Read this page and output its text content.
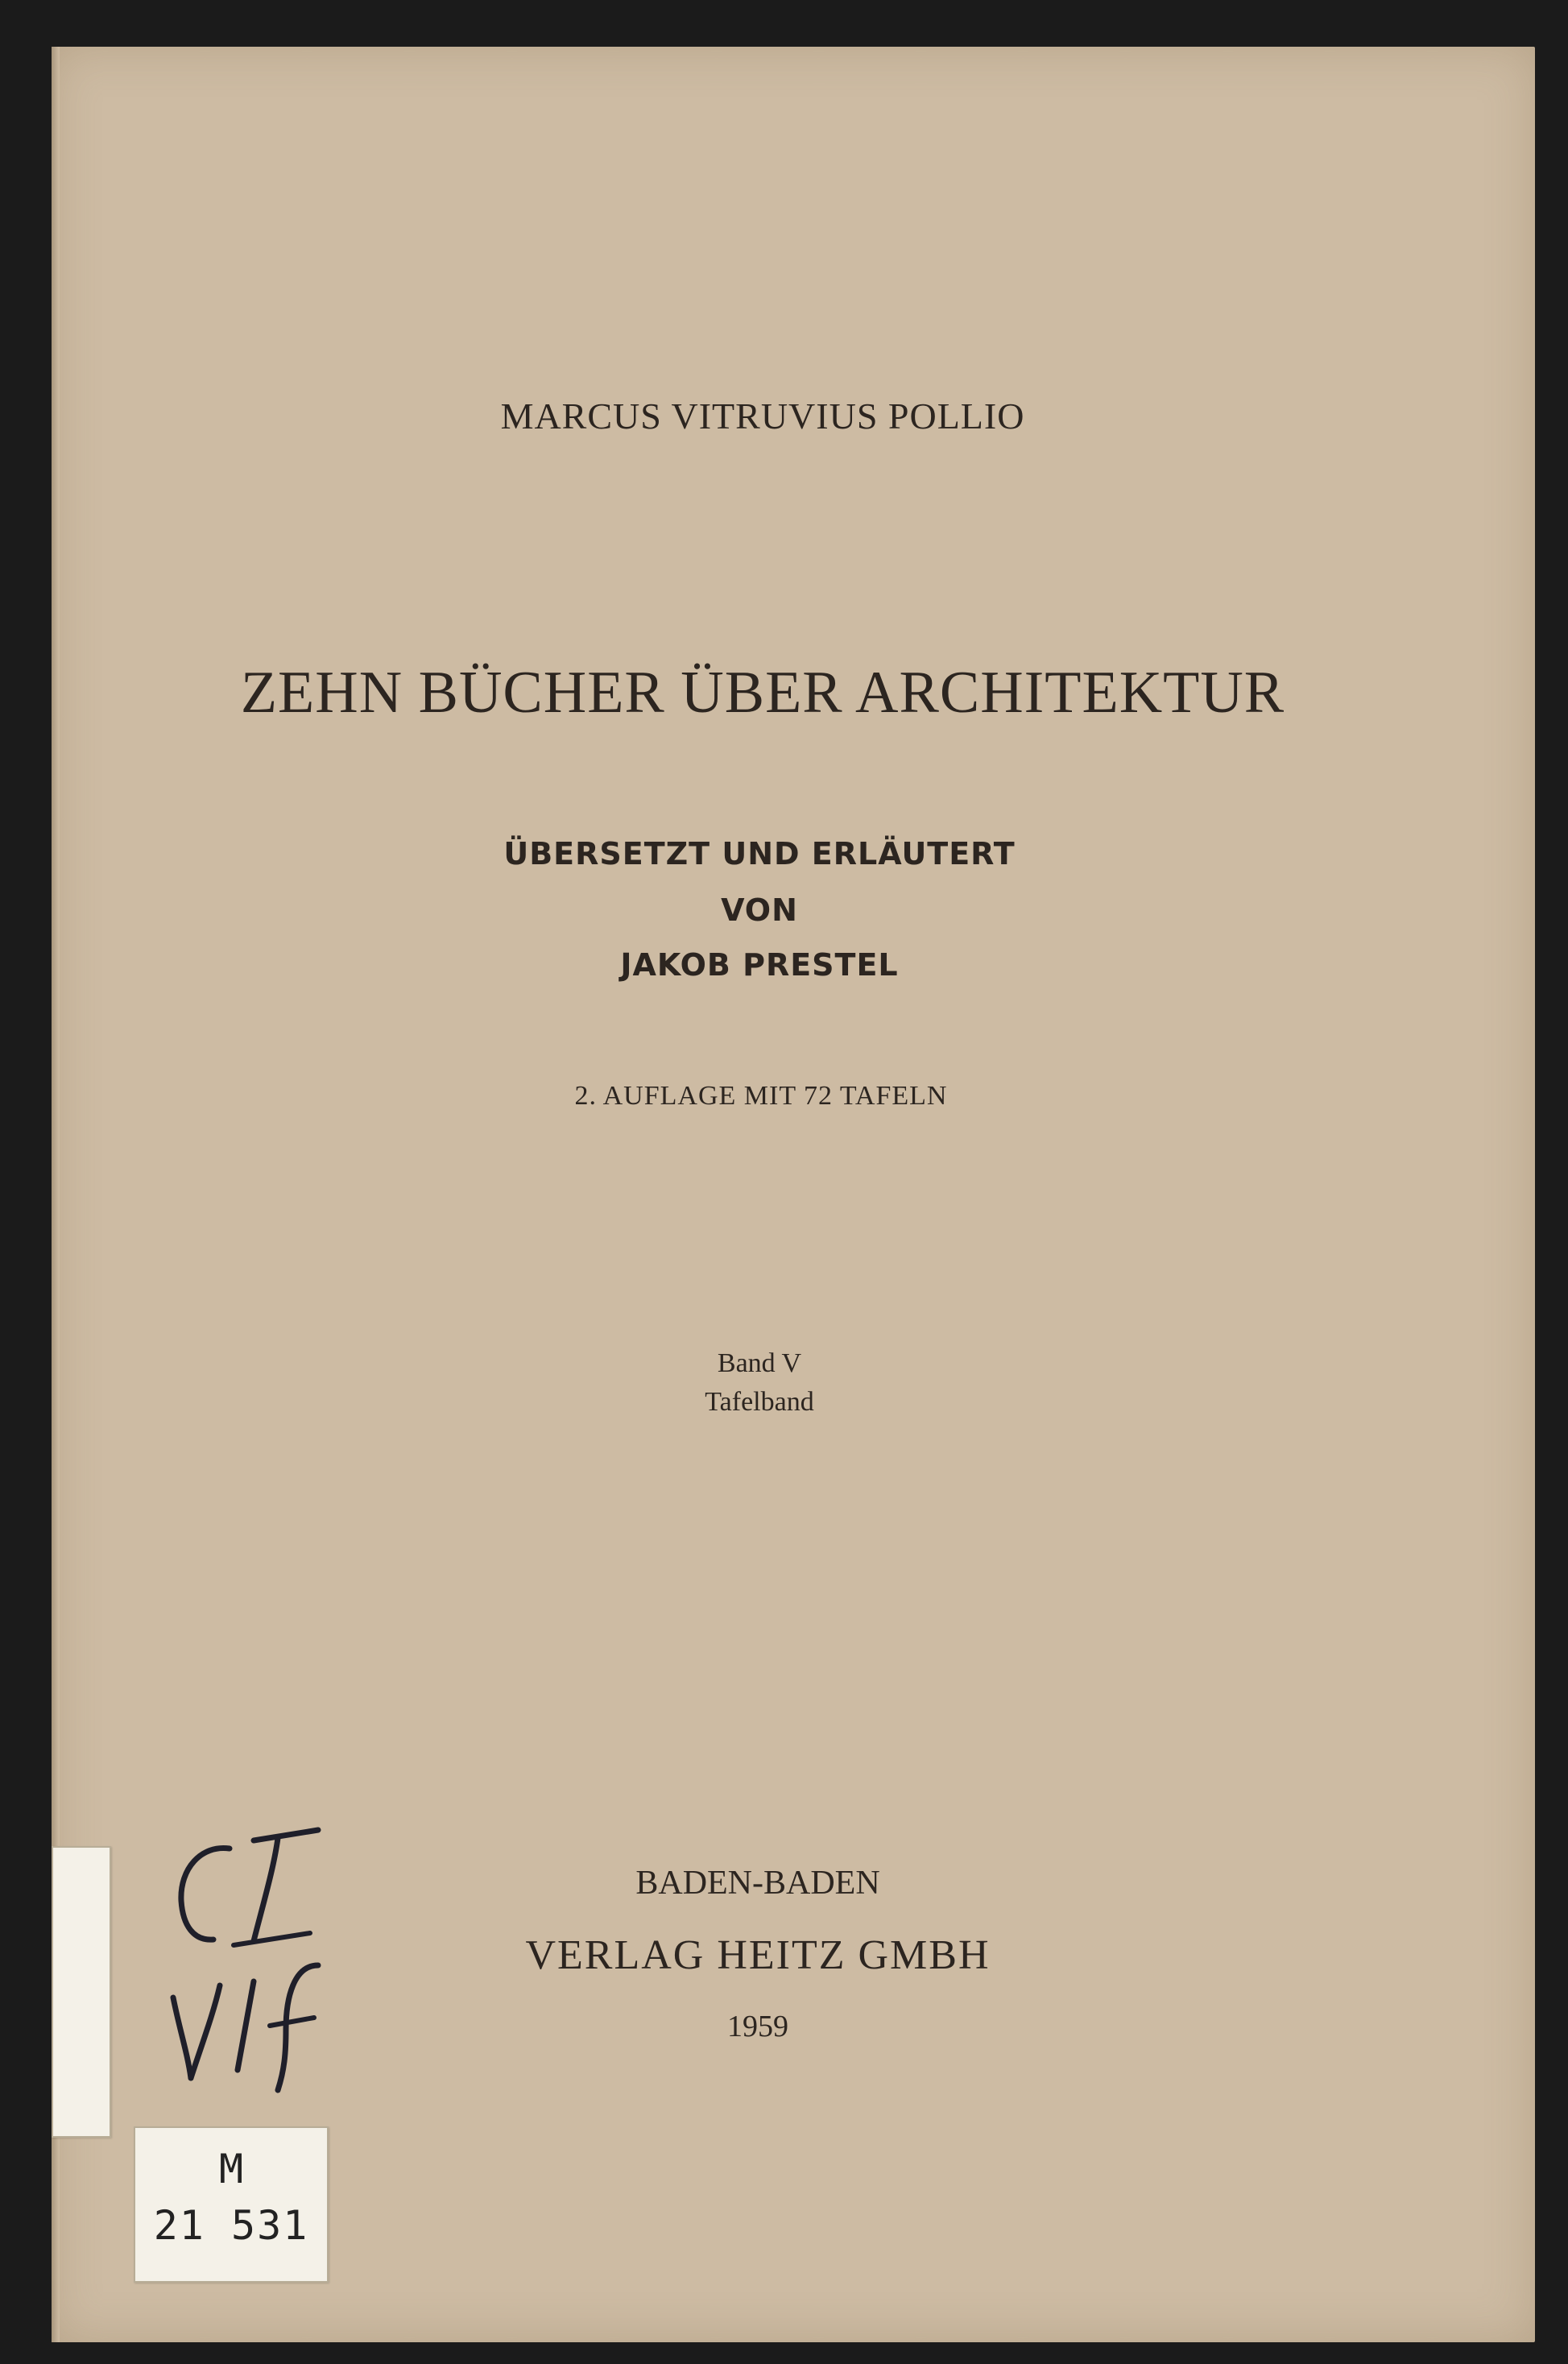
MARCUS VITRUVIUS POLLIO
ZEHN BÜCHER ÜBER ARCHITEKTUR
ÜBERSETZT UND ERLÄUTERT
VON
JAKOB PRESTEL
2. AUFLAGE MIT 72 TAFELN
Band V
Tafelband
BADEN-BADEN
VERLAG HEITZ GMBH
1959
M
21 531
